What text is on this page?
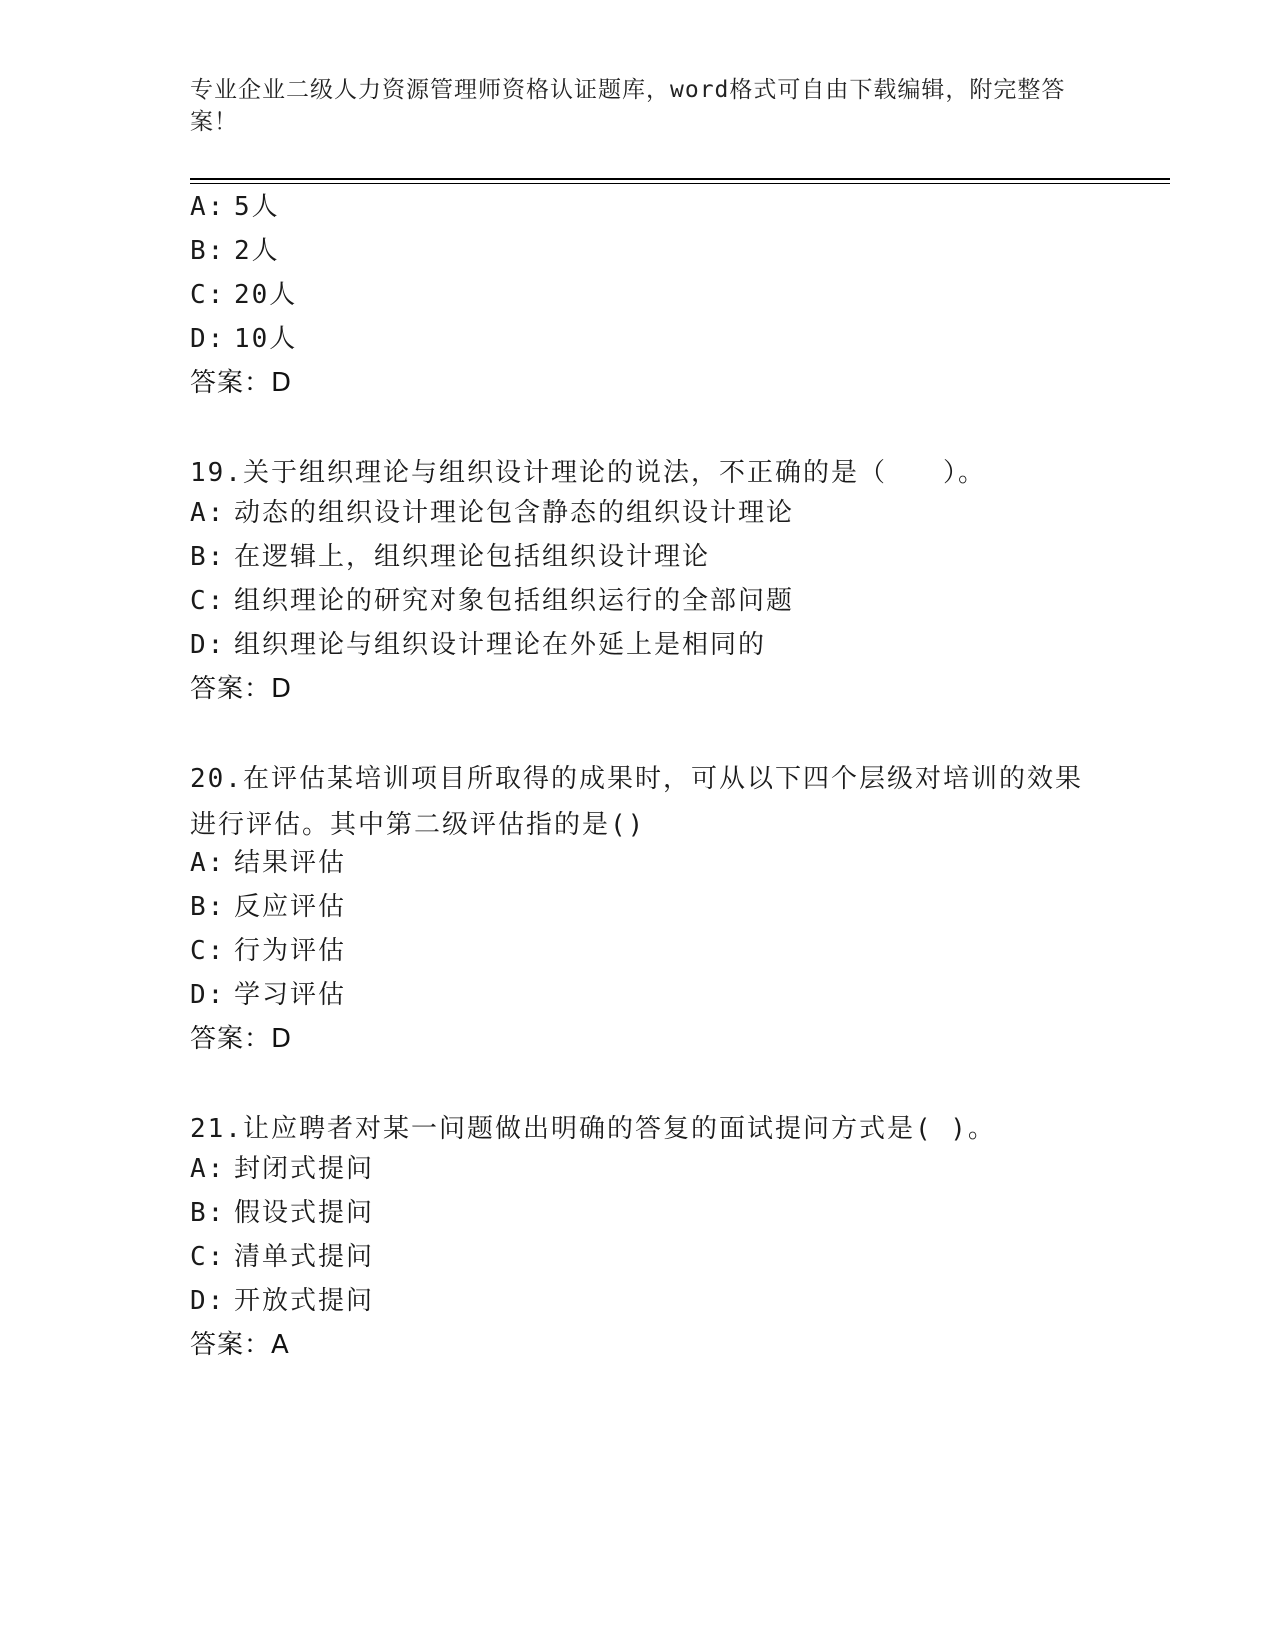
专业企业二级人力资源管理师资格认证题库，word格式可自由下载编辑，附完整答案！
A: 5人
B: 2人
C: 20人
D: 10人
答案：D
19.关于组织理论与组织设计理论的说法，不正确的是（　　）。
A: 动态的组织设计理论包含静态的组织设计理论
B: 在逻辑上，组织理论包括组织设计理论
C: 组织理论的研究对象包括组织运行的全部问题
D: 组织理论与组织设计理论在外延上是相同的
答案：D
20.在评估某培训项目所取得的成果时，可从以下四个层级对培训的效果进行评估。其中第二级评估指的是()
A: 结果评估
B: 反应评估
C: 行为评估
D: 学习评估
答案：D
21.让应聘者对某一问题做出明确的答复的面试提问方式是( )。
A: 封闭式提问
B: 假设式提问
C: 清单式提问
D: 开放式提问
答案：A
